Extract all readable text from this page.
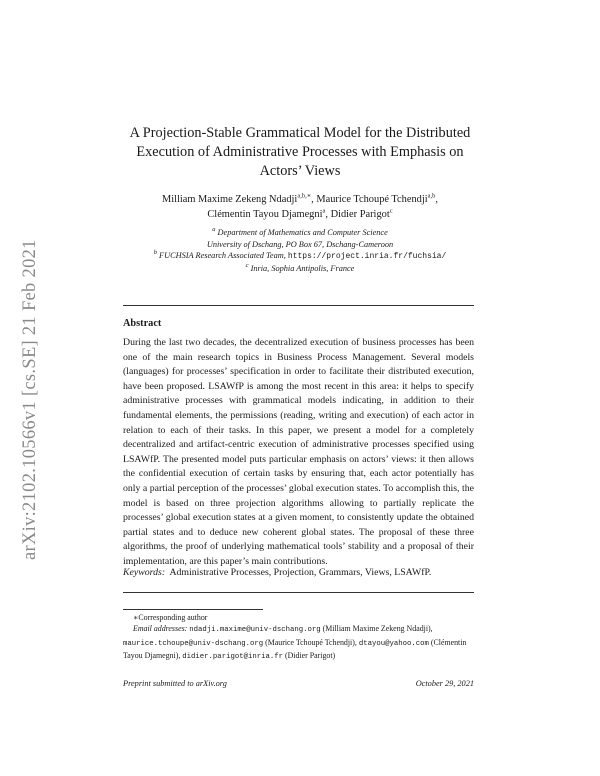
arXiv:2102.10566v1 [cs.SE] 21 Feb 2021
A Projection-Stable Grammatical Model for the Distributed
Execution of Administrative Processes with Emphasis on
Actors’ Views
Milliam Maxime Zekeng Ndadji$^{a,b,∗}$, Maurice Tchoupé Tchendji$^{a,b}$,
Clémentin Tayou Djamegni$^a$, Didier Parigot$^c$
$^a$ Department of Mathematics and Computer Science
University of Dschang, PO Box 67, Dschang-Cameroon
$^b$ FUCHSIA Research Associated Team, https://project.inria.fr/fuchsia/
$^c$ Inria, Sophia Antipolis, France
Abstract
During the last two decades, the decentralized execution of business processes has been one of the main research topics in Business Process Management. Several models (languages) for processes’ specification in order to facilitate their distributed execution, have been proposed. LSAWfP is among the most recent in this area: it helps to specify administrative processes with grammatical models indicating, in addition to their fundamental elements, the permissions (reading, writing and execution) of each actor in relation to each of their tasks. In this paper, we present a model for a completely decentralized and artifact-centric execution of administrative processes specified using LSAWfP. The presented model puts particular emphasis on actors’ views: it then allows the confidential execution of certain tasks by ensuring that, each actor potentially has only a partial perception of the processes’ global execution states. To accomplish this, the model is based on three projection algorithms allowing to partially replicate the processes’ global execution states at a given moment, to consistently update the obtained partial states and to deduce new coherent global states. The proposal of these three algorithms, the proof of underlying mathematical tools’ stability and a proposal of their implementation, are this paper’s main contributions.
Keywords: Administrative Processes, Projection, Grammars, Views, LSAWfP.
∗Corresponding author
Email addresses: ndadji.maxime@univ-dschang.org (Milliam Maxime Zekeng Ndadji), maurice.tchoupe@univ-dschang.org (Maurice Tchoupé Tchendji), dtayou@yahoo.com (Clémentin Tayou Djamegni), didier.parigot@inria.fr (Didier Parigot)
Preprint submitted to arXiv.org	October 29, 2021
